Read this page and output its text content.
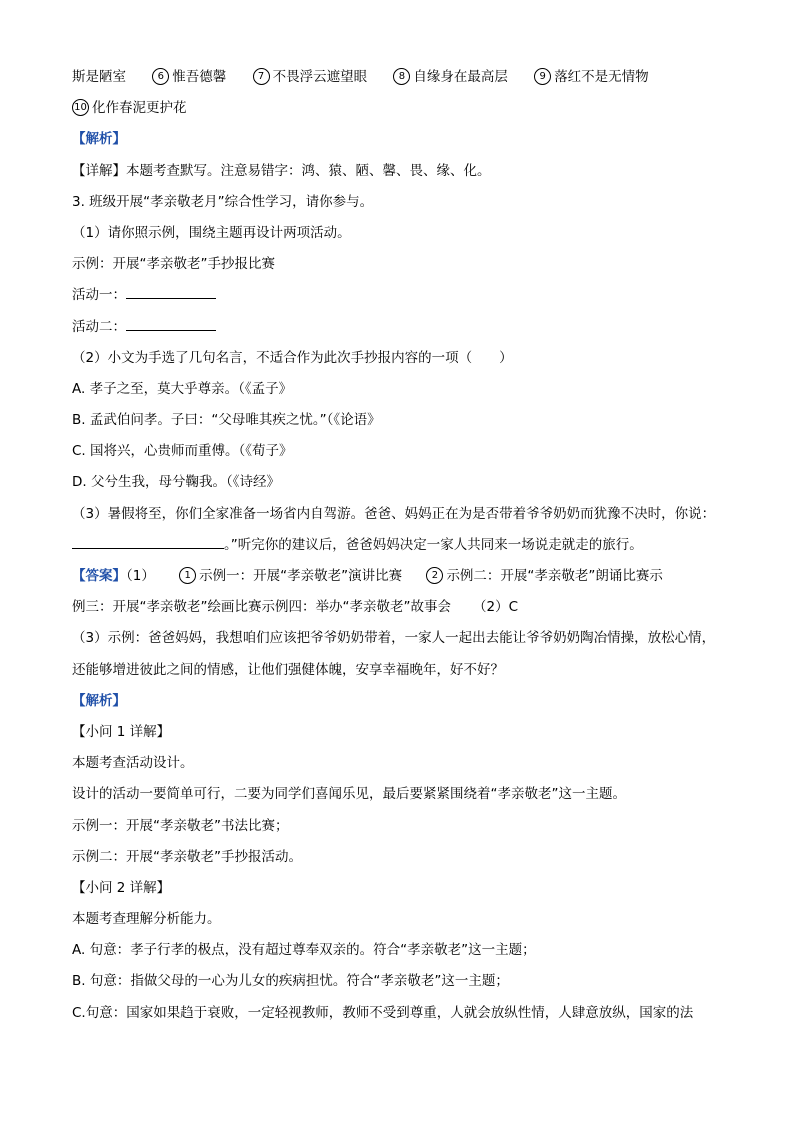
斯是陋室	6 惟吾德馨	7 不畏浮云遮望眼	8 自缘身在最高层	9 落红不是无情物
10 化作春泥更护花
【解析】
【详解】本题考查默写。注意易错字：鸿、猿、陋、馨、畏、缘、化。
3. 班级开展“孝亲敬老月”综合性学习，请你参与。
（1）请你照示例，围绕主题再设计两项活动。
示例：开展“孝亲敬老”手抄报比赛
活动一：
活动二：
（2）小文为手选了几句名言，不适合作为此次手抄报内容的一项（　　）
A. 孝子之至，莫大乎尊亲。（《孟子》
B. 孟武伯问孝。子曰：“父母唯其疾之忧。”（《论语》
C. 国将兴，心贵师而重傅。（《荀子》
D. 父兮生我，母兮鞠我。（《诗经》
（3）暑假将至，你们全家准备一场省内自驾游。爸爸、妈妈正在为是否带着爷爷奶奶而犹豫不决时，你说：
。”听完你的建议后，爸爸妈妈决定一家人共同来一场说走就走的旅行。
【答案】（1）	1 示例一：开展“孝亲敬老”演讲比赛	2 示例二：开展“孝亲敬老”朗诵比赛示
例三：开展“孝亲敬老”绘画比赛示例四：举办“孝亲敬老”故事会 （2）C
（3）示例：爸爸妈妈，我想咱们应该把爷爷奶奶带着，一家人一起出去能让爷爷奶奶陶冶情操，放松心情，
还能够增进彼此之间的情感，让他们强健体魄，安享幸福晚年，好不好？
【解析】
【小问 1 详解】
本题考查活动设计。
设计的活动一要简单可行，二要为同学们喜闻乐见，最后要紧紧围绕着“孝亲敬老”这一主题。
示例一：开展“孝亲敬老”书法比赛；
示例二：开展“孝亲敬老”手抄报活动。
【小问 2 详解】
本题考查理解分析能力。
A. 句意：孝子行孝的极点，没有超过尊奉双亲的。符合“孝亲敬老”这一主题；
B. 句意：指做父母的一心为儿女的疾病担忧。符合“孝亲敬老”这一主题；
C.句意：国家如果趋于衰败，一定轻视教师，教师不受到尊重，人就会放纵性情，人肆意放纵，国家的法
